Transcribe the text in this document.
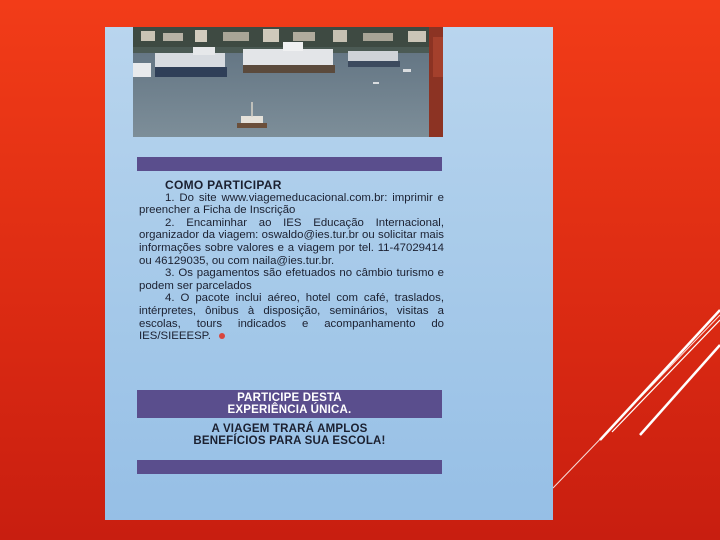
COMO PARTICIPAR
1. Do site www.viagemeducacional.com.br: imprimir e preencher a Ficha de Inscrição
2. Encaminhar ao IES Educação Internacional, organizador da viagem: oswaldo@ies.tur.br ou solicitar mais informações sobre valores e a viagem por tel. 11-47029414 ou 46129035, ou com naila@ies.tur.br.
3. Os pagamentos são efetuados no câmbio turismo e podem ser parcelados
4. O pacote inclui aéreo, hotel com café, traslados, intérpretes, ônibus à disposição, seminários, visitas a escolas, tours indicados e acompanhamento do IES/SIEEESP.
PARTICIPE DESTA
EXPERIÊNCIA ÚNICA.
A VIAGEM TRARÁ AMPLOS
BENEFÍCIOS PARA SUA ESCOLA!
